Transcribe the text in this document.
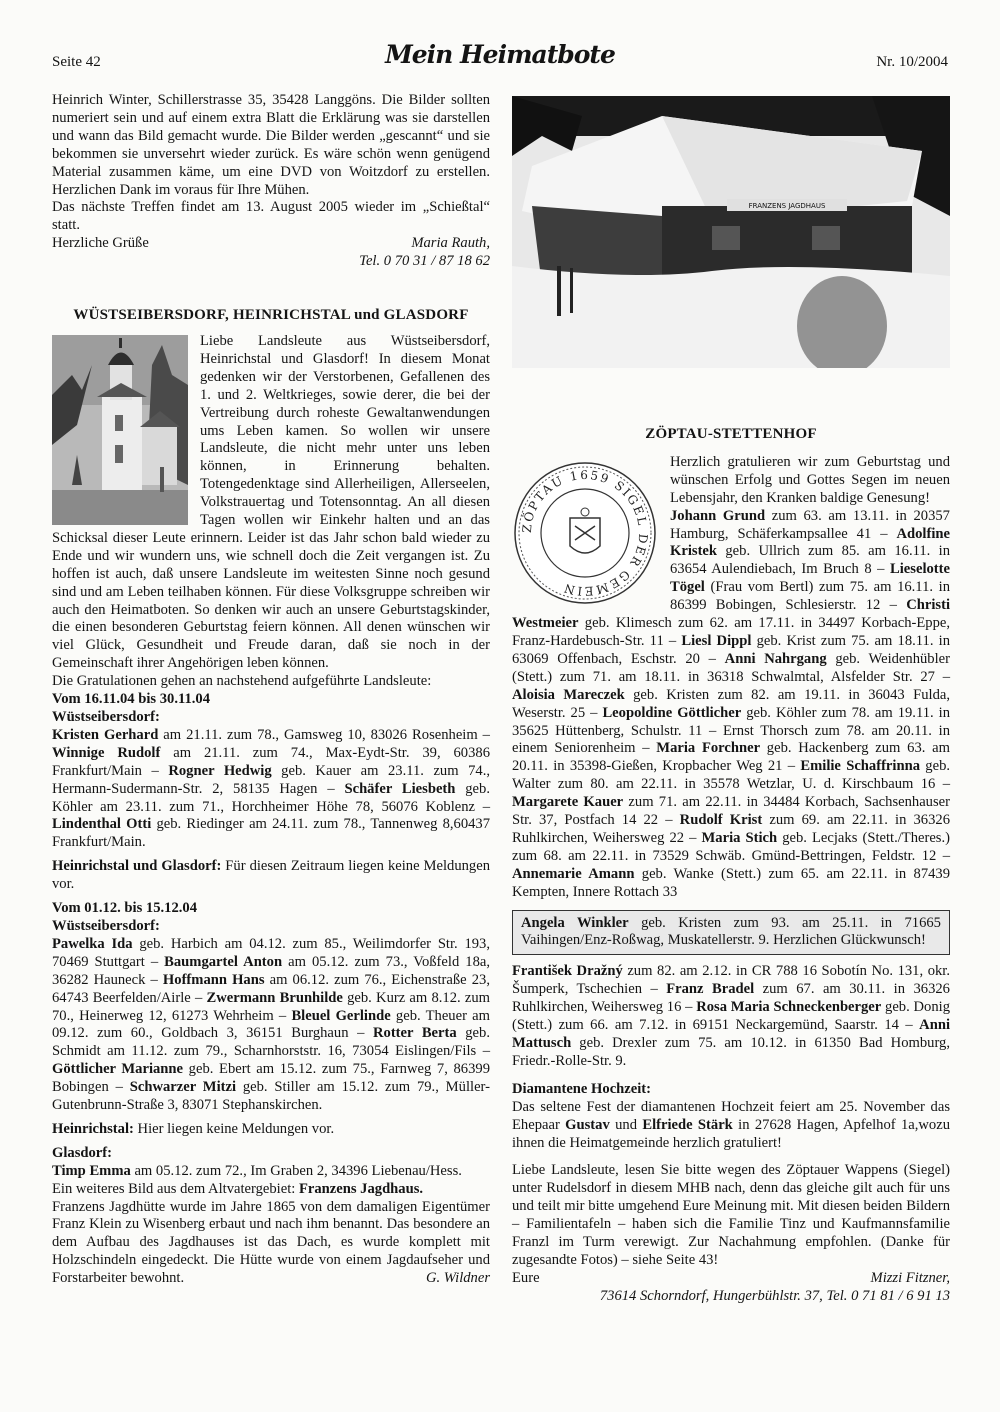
Seite 42	Mein Heimatbote	Nr. 10/2004

Heinrich Winter, Schillerstrasse 35, 35428 Langgöns. Die Bilder sollten numeriert sein und auf einem extra Blatt die Erklärung was sie darstellen und wann das Bild gemacht wurde. Die Bilder werden „gescannt“ und sie bekommen sie unversehrt wieder zurück. Es wäre schön wenn genügend Material zusammen käme, um eine DVD von Woitzdorf zu erstellen. Herzlichen Dank im voraus für Ihre Mühen.

Das nächste Treffen findet am 13. August 2005 wieder im „Schießtal“ statt.

Herzliche Grüße	Maria Rauth,
Tel. 0 70 31 / 87 18 62
WÜSTSEIBERSDORF, HEINRICHSTAL und GLASDORF

Liebe Landsleute aus Wüstseibersdorf, Heinrichstal und Glasdorf! In diesem Monat gedenken wir der Verstorbenen, Gefallenen des 1. und 2. Weltkrieges, sowie derer, die bei der Vertreibung durch roheste Gewaltanwendungen ums Leben kamen. So wollen wir unsere Landsleute, die nicht mehr unter uns leben können, in Erinnerung behalten. Totengedenktage sind Allerheiligen, Allerseelen, Volkstrauertag und Totensonntag. An all diesen Tagen wollen wir Einkehr halten und an das Schicksal dieser Leute erinnern. Leider ist das Jahr schon bald wieder zu Ende und wir wundern uns, wie schnell doch die Zeit vergangen ist. Zu hoffen ist auch, daß unsere Landsleute im weitesten Sinne noch gesund sind und am Leben teilhaben können. Für diese Volksgruppe schreiben wir auch den Heimatboten. So denken wir auch an unsere Geburtstagskinder, die einen besonderen Geburtstag feiern können. All denen wünschen wir viel Glück, Gesundheit und Freude daran, daß sie noch in der Gemeinschaft ihrer Angehörigen leben können.

Die Gratulationen gehen an nachstehend aufgeführte Landsleute:

Vom 16.11.04 bis 30.11.04

Wüstseibersdorf:

Kristen Gerhard am 21.11. zum 78., Gamsweg 10, 83026 Rosenheim – Winnige Rudolf am 21.11. zum 74., Max-Eydt-Str. 39, 60386 Frankfurt/Main – Rogner Hedwig geb. Kauer am 23.11. zum 74., Hermann-Sudermann-Str. 2, 58135 Hagen – Schäfer Liesbeth geb. Köhler am 23.11. zum 71., Horchheimer Höhe 78, 56076 Koblenz – Lindenthal Otti geb. Riedinger am 24.11. zum 78., Tannenweg 8,60437 Frankfurt/Main.

Heinrichstal und Glasdorf: Für diesen Zeitraum liegen keine Meldungen vor.

Vom 01.12. bis 15.12.04

Wüstseibersdorf:

Pawelka Ida geb. Harbich am 04.12. zum 85., Weilimdorfer Str. 193, 70469 Stuttgart – Baumgartel Anton am 05.12. zum 73., Voßfeld 18a, 36282 Hauneck – Hoffmann Hans am 06.12. zum 76., Eichenstraße 23, 64743 Beerfelden/Airle – Zwermann Brunhilde geb. Kurz am 8.12. zum 70., Heinerweg 12, 61273 Wehrheim – Bleuel Gerlinde geb. Theuer am 09.12. zum 60., Goldbach 3, 36151 Burghaun – Rotter Berta geb. Schmidt am 11.12. zum 79., Scharnhorststr. 16, 73054 Eislingen/Fils – Göttlicher Marianne geb. Ebert am 15.12. zum 75., Farnweg 7, 86399 Bobingen – Schwarzer Mitzi geb. Stiller am 15.12. zum 79., Müller-Gutenbrunn-Straße 3, 83071 Stephanskirchen.

Heinrichstal: Hier liegen keine Meldungen vor.

Glasdorf:

Timp Emma am 05.12. zum 72., Im Graben 2, 34396 Liebenau/Hess.

Ein weiteres Bild aus dem Altvatergebiet: Franzens Jagdhaus.

Franzens Jagdhütte wurde im Jahre 1865 von dem damaligen Eigentümer Franz Klein zu Wisenberg erbaut und nach ihm benannt. Das besondere an dem Aufbau des Jagdhauses ist das Dach, es wurde komplett mit Holzschindeln eingedeckt. Die Hütte wurde von einem Jagdaufseher und Forstarbeiter bewohnt.	G. Wildner

FRANZENS JAGDHAUS
ZÖPTAU-STETTENHOF
ZÖPTAU 1659 SIGEL DER GEMEIN

Herzlich gratulieren wir zum Geburtstag und wünschen Erfolg und Gottes Segen im neuen Lebensjahr, den Kranken baldige Genesung!

Johann Grund zum 63. am 13.11. in 20357 Hamburg, Schäferkampsallee 41 – Adolfine Kristek geb. Ullrich zum 85. am 16.11. in 63654 Aulendiebach, Im Bruch 8 – Lieselotte Tögel (Frau vom Bertl) zum 75. am 16.11. in 86399 Bobingen, Schlesierstr. 12 – Christi Westmeier geb. Klimesch zum 62. am 17.11. in 34497 Korbach-Eppe, Franz-Hardebusch-Str. 11 – Liesl Dippl geb. Krist zum 75. am 18.11. in 63069 Offenbach, Eschstr. 20 – Anni Nahrgang geb. Weidenhübler (Stett.) zum 71. am 18.11. in 36318 Schwalmtal, Alsfelder Str. 27 – Aloisia Mareczek geb. Kristen zum 82. am 19.11. in 36043 Fulda, Weserstr. 25 – Leopoldine Göttlicher geb. Köhler zum 78. am 19.11. in 35625 Hüttenberg, Schulstr. 11 – Ernst Thorsch zum 78. am 20.11. in einem Seniorenheim – Maria Forchner geb. Hackenberg zum 63. am 20.11. in 35398-Gießen, Kropbacher Weg 21 – Emilie Schaffrinna geb. Walter zum 80. am 22.11. in 35578 Wetzlar, U. d. Kirschbaum 16 – Margarete Kauer zum 71. am 22.11. in 34484 Korbach, Sachsenhauser Str. 37, Postfach 14 22 – Rudolf Krist zum 69. am 22.11. in 36326 Ruhlkirchen, Weihersweg 22 – Maria Stich geb. Lecjaks (Stett./Theres.) zum 68. am 22.11. in 73529 Schwäb. Gmünd-Bettringen, Feldstr. 12 – Annemarie Amann geb. Wanke (Stett.) zum 65. am 22.11. in 87439 Kempten, Innere Rottach 33

Angela Winkler geb. Kristen zum 93. am 25.11. in 71665 Vaihingen/Enz-Roßwag, Muskatellerstr. 9. Herzlichen Glückwunsch!

František Dražný zum 82. am 2.12. in CR 788 16 Sobotín No. 131, okr. Šumperk, Tschechien – Franz Bradel zum 67. am 30.11. in 36326 Ruhlkirchen, Weihersweg 16 – Rosa Maria Schneckenberger geb. Donig (Stett.) zum 66. am 7.12. in 69151 Neckargemünd, Saarstr. 14 – Anni Mattusch geb. Drexler zum 75. am 10.12. in 61350 Bad Homburg, Friedr.-Rolle-Str. 9.

Diamantene Hochzeit:

Das seltene Fest der diamantenen Hochzeit feiert am 25. November das Ehepaar Gustav und Elfriede Stärk in 27628 Hagen, Apfelhof 1a,wozu ihnen die Heimatgemeinde herzlich gratuliert!

Liebe Landsleute, lesen Sie bitte wegen des Zöptauer Wappens (Siegel) unter Rudelsdorf in diesem MHB nach, denn das gleiche gilt auch für uns und teilt mir bitte umgehend Eure Meinung mit. Mit diesen beiden Bildern – Familientafeln – haben sich die Familie Tinz und Kaufmannsfamilie Franzl im Turm verewigt. Zur Nachahmung empfohlen. (Danke für zugesandte Fotos) – siehe Seite 43!

Eure	Mizzi Fitzner,
73614 Schorndorf, Hungerbühlstr. 37, Tel. 0 71 81 / 6 91 13
